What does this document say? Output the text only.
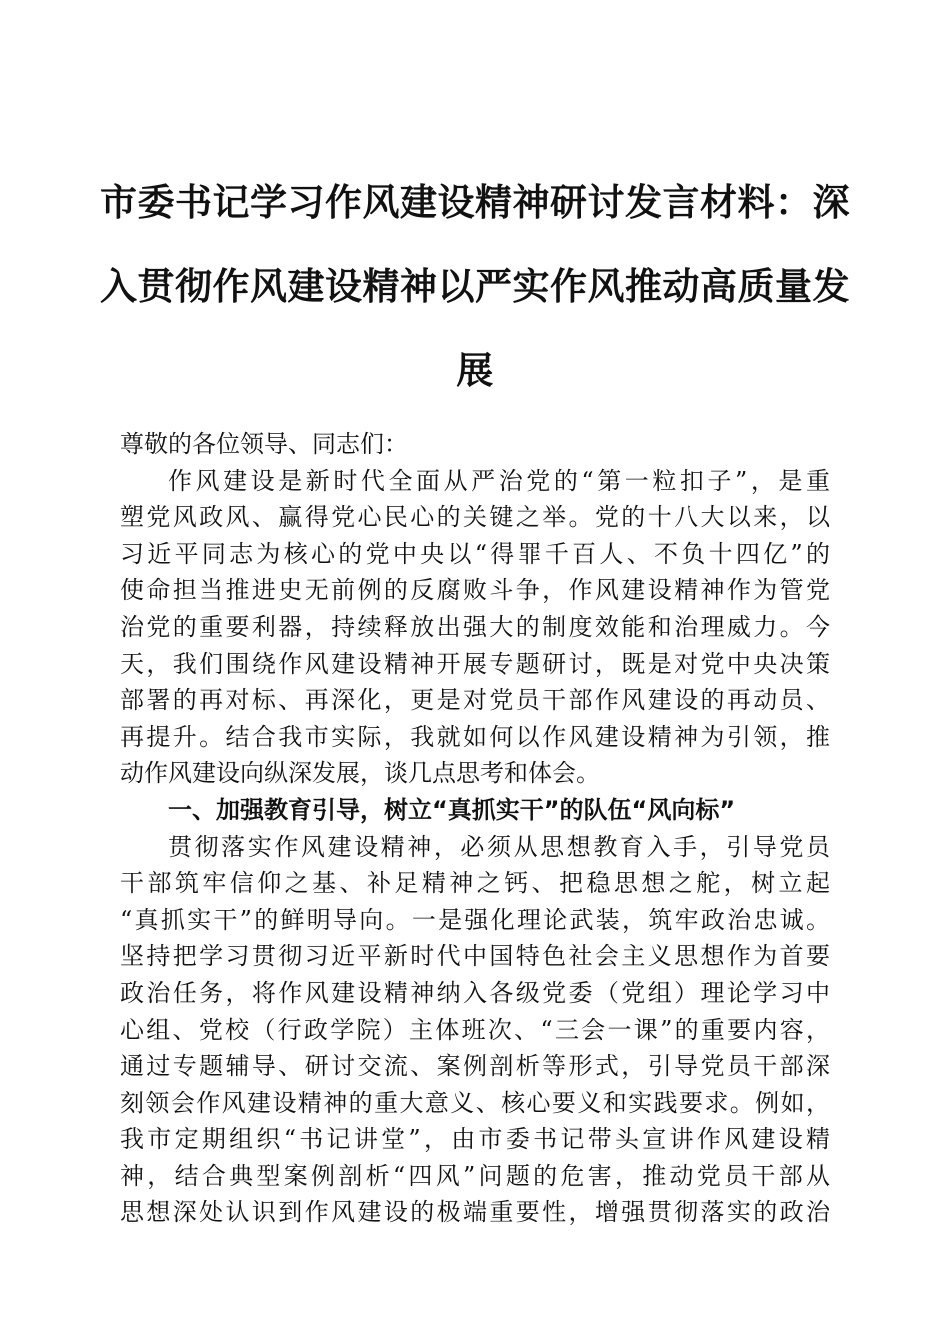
市委书记学习作风建设精神研讨发言材料：深
入贯彻作风建设精神以严实作风推动高质量发
展
尊敬的各位领导、同志们：
作风建设是新时代全面从严治党的“第一粒扣子”，是重
塑党风政风、赢得党心民心的关键之举。党的十八大以来，以
习近平同志为核心的党中央以“得罪千百人、不负十四亿”的
使命担当推进史无前例的反腐败斗争，作风建设精神作为管党
治党的重要利器，持续释放出强大的制度效能和治理威力。今
天，我们围绕作风建设精神开展专题研讨，既是对党中央决策
部署的再对标、再深化，更是对党员干部作风建设的再动员、
再提升。结合我市实际，我就如何以作风建设精神为引领，推
动作风建设向纵深发展，谈几点思考和体会。
一、加强教育引导，树立“真抓实干”的队伍“风向标”
贯彻落实作风建设精神，必须从思想教育入手，引导党员
干部筑牢信仰之基、补足精神之钙、把稳思想之舵，树立起
“真抓实干”的鲜明导向。一是强化理论武装，筑牢政治忠诚。
坚持把学习贯彻习近平新时代中国特色社会主义思想作为首要
政治任务，将作风建设精神纳入各级党委（党组）理论学习中
心组、党校（行政学院）主体班次、“三会一课”的重要内容，
通过专题辅导、研讨交流、案例剖析等形式，引导党员干部深
刻领会作风建设精神的重大意义、核心要义和实践要求。例如，
我市定期组织“书记讲堂”，由市委书记带头宣讲作风建设精
神，结合典型案例剖析“四风”问题的危害，推动党员干部从
思想深处认识到作风建设的极端重要性，增强贯彻落实的政治
